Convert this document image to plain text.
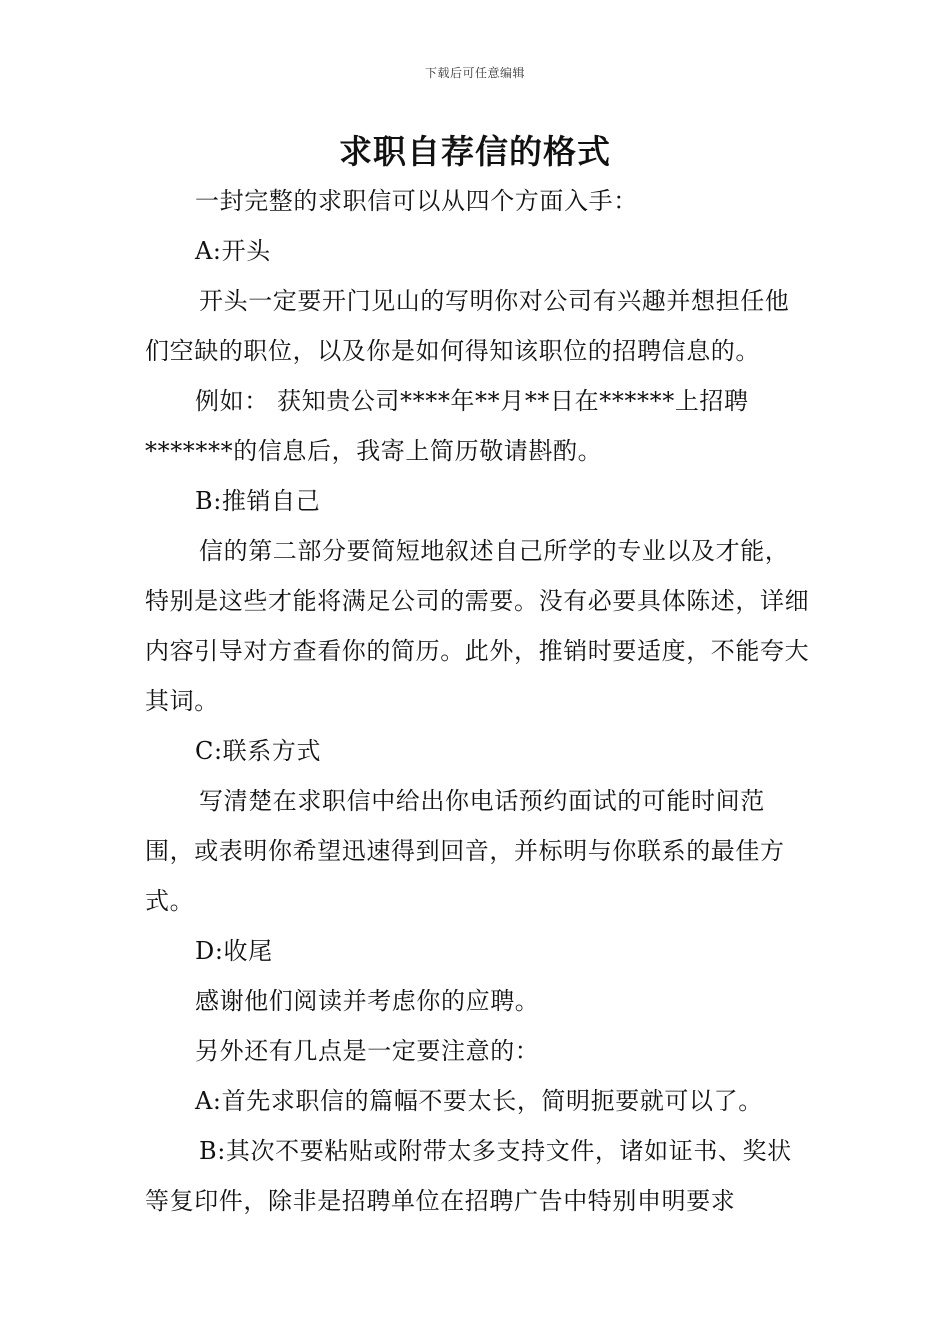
下载后可任意编辑
求职自荐信的格式

一封完整的求职信可以从四个方面入手：

A:开头

开头一定要开门见山的写明你对公司有兴趣并想担任他们空缺的职位，以及你是如何得知该职位的招聘信息的。

例如： 获知贵公司****年**月**日在******上招聘*******的信息后，我寄上简历敬请斟酌。

B:推销自己

信的第二部分要简短地叙述自己所学的专业以及才能，特别是这些才能将满足公司的需要。没有必要具体陈述，详细内容引导对方查看你的简历。此外，推销时要适度，不能夸大其词。

C:联系方式

写清楚在求职信中给出你电话预约面试的可能时间范围，或表明你希望迅速得到回音，并标明与你联系的最佳方式。

D:收尾

感谢他们阅读并考虑你的应聘。

另外还有几点是一定要注意的：

A:首先求职信的篇幅不要太长，简明扼要就可以了。

B:其次不要粘贴或附带太多支持文件，诸如证书、奖状等复印件，除非是招聘单位在招聘广告中特别申明要求
